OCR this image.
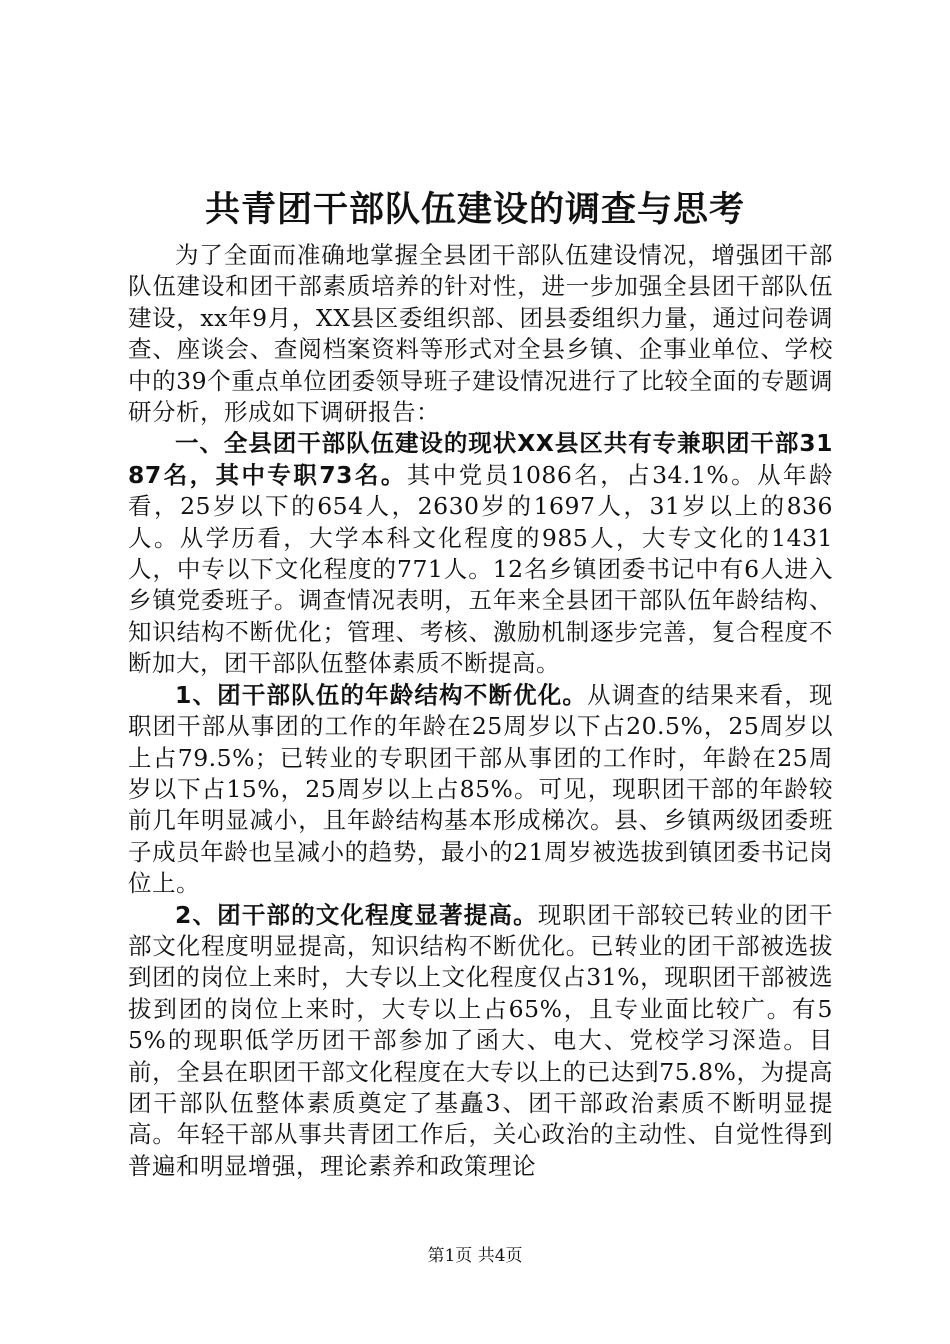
共青团干部队伍建设的调查与思考

为了全面而准确地掌握全县团干部队伍建设情况，增强团干部队伍建设和团干部素质培养的针对性，进一步加强全县团干部队伍建设，xx年9月，XX县区委组织部、团县委组织力量，通过问卷调查、座谈会、查阅档案资料等形式对全县乡镇、企事业单位、学校中的39个重点单位团委领导班子建设情况进行了比较全面的专题调研分析，形成如下调研报告：

一、全县团干部队伍建设的现状XX县区共有专兼职团干部3187名，其中专职73名。其中党员1086名，占34.1%。从年龄看，25岁以下的654人，2630岁的1697人，31岁以上的836人。从学历看，大学本科文化程度的985人，大专文化的1431人，中专以下文化程度的771人。12名乡镇团委书记中有6人进入乡镇党委班子。调查情况表明，五年来全县团干部队伍年龄结构、知识结构不断优化；管理、考核、激励机制逐步完善，复合程度不断加大，团干部队伍整体素质不断提高。

1、团干部队伍的年龄结构不断优化。从调查的结果来看，现职团干部从事团的工作的年龄在25周岁以下占20.5%，25周岁以上占79.5%；已转业的专职团干部从事团的工作时，年龄在25周岁以下占15%，25周岁以上占85%。可见，现职团干部的年龄较前几年明显减小，且年龄结构基本形成梯次。县、乡镇两级团委班子成员年龄也呈减小的趋势，最小的21周岁被选拔到镇团委书记岗位上。

2、团干部的文化程度显著提高。现职团干部较已转业的团干部文化程度明显提高，知识结构不断优化。已转业的团干部被选拔到团的岗位上来时，大专以上文化程度仅占31%，现职团干部被选拔到团的岗位上来时，大专以上占65%，且专业面比较广。有55%的现职低学历团干部参加了函大、电大、党校学习深造。目前，全县在职团干部文化程度在大专以上的已达到75.8%，为提高团干部队伍整体素质奠定了基矗3、团干部政治素质不断明显提高。年轻干部从事共青团工作后，关心政治的主动性、自觉性得到普遍和明显增强，理论素养和政策理论

第1页 共4页
